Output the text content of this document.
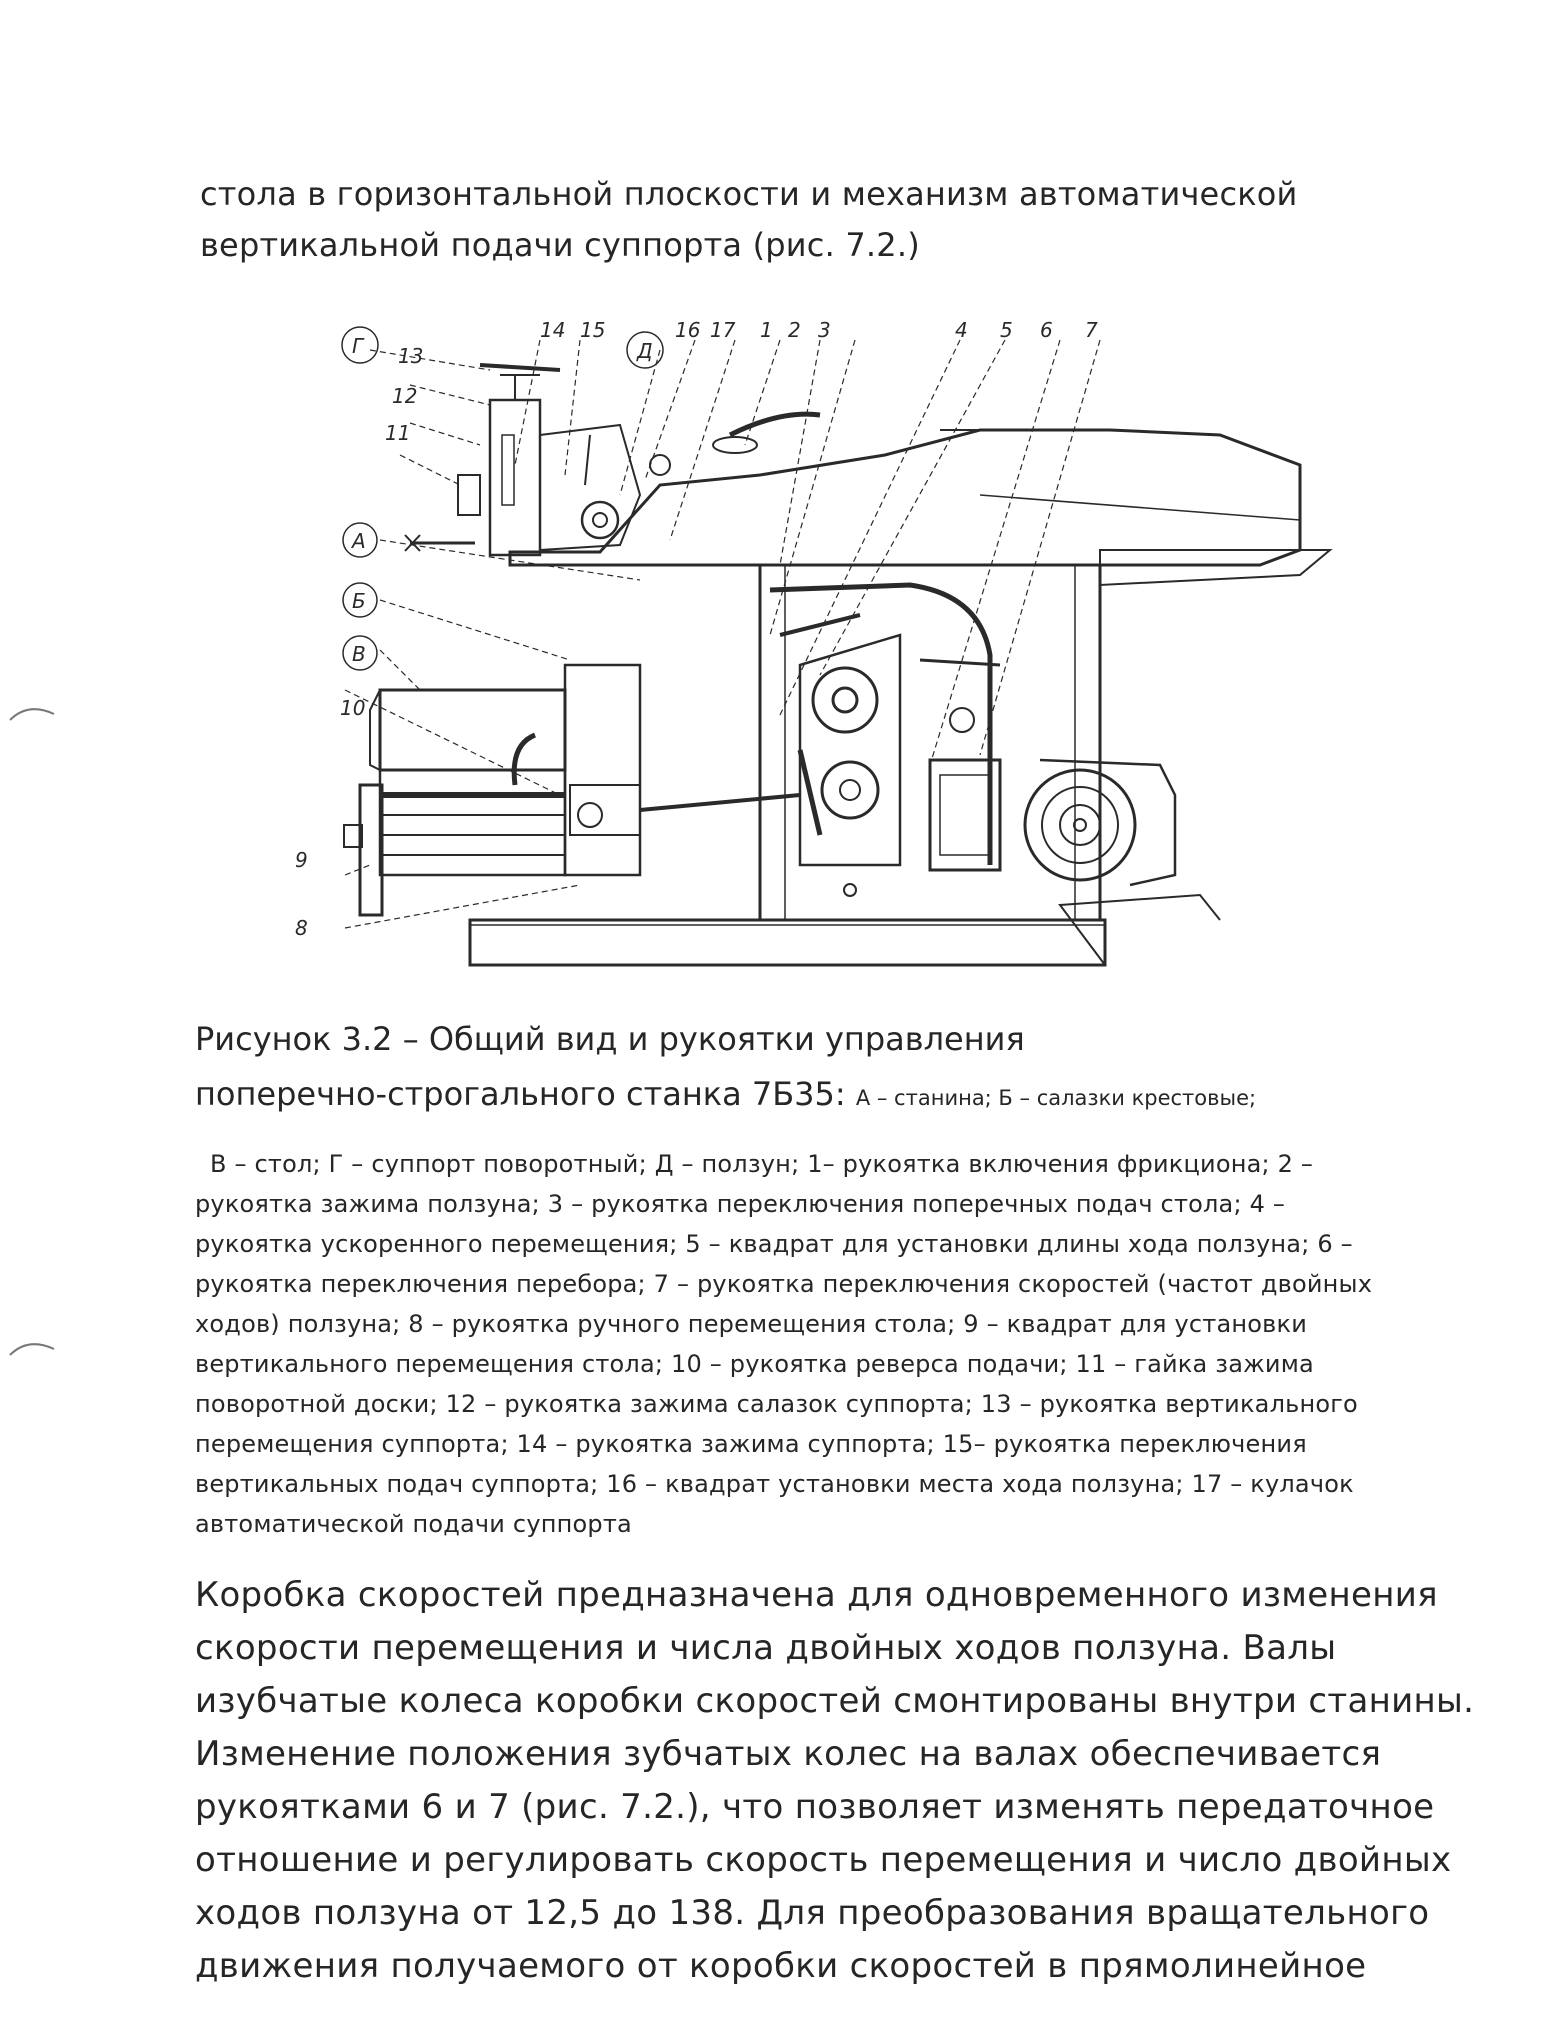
стола в горизонтальной плоскости и механизм автоматической
вертикальной подачи суппорта (рис. 7.2.)
Г 13
12
11
А
Б
В
10
9
8
14 15
Д
16 17 1 2 3	4 5 6 7
Рисунок 3.2 – Общий вид и рукоятки управления
поперечно-строгального станка 7Б35: А – станина; Б – салазки крестовые;
В – стол; Г – суппорт поворотный; Д – ползун; 1– рукоятка включения фрикциона; 2 –
рукоятка зажима ползуна; 3 – рукоятка переключения поперечных подач стола; 4 –
рукоятка ускоренного перемещения; 5 – квадрат для установки длины хода ползуна; 6 –
рукоятка переключения перебора; 7 – рукоятка переключения скоростей (частот двойных
ходов) ползуна; 8 – рукоятка ручного перемещения стола; 9 – квадрат для установки
вертикального перемещения стола; 10 – рукоятка реверса подачи; 11 – гайка зажима
поворотной доски; 12 – рукоятка зажима салазок суппорта; 13 – рукоятка вертикального
перемещения суппорта; 14 – рукоятка зажима суппорта; 15– рукоятка переключения
вертикальных подач суппорта; 16 – квадрат установки места хода ползуна; 17 – кулачок
автоматической подачи суппорта
Коробка скоростей предназначена для одновременного изменения
скорости перемещения и числа двойных ходов ползуна. Валы
изубчатые колеса коробки скоростей смонтированы внутри станины.
Изменение положения зубчатых колес на валах обеспечивается
рукоятками 6 и 7 (рис. 7.2.), что позволяет изменять передаточное
отношение и регулировать скорость перемещения и число двойных
ходов ползуна от 12,5 до 138. Для преобразования вращательного
движения получаемого от коробки скоростей в прямолинейное
